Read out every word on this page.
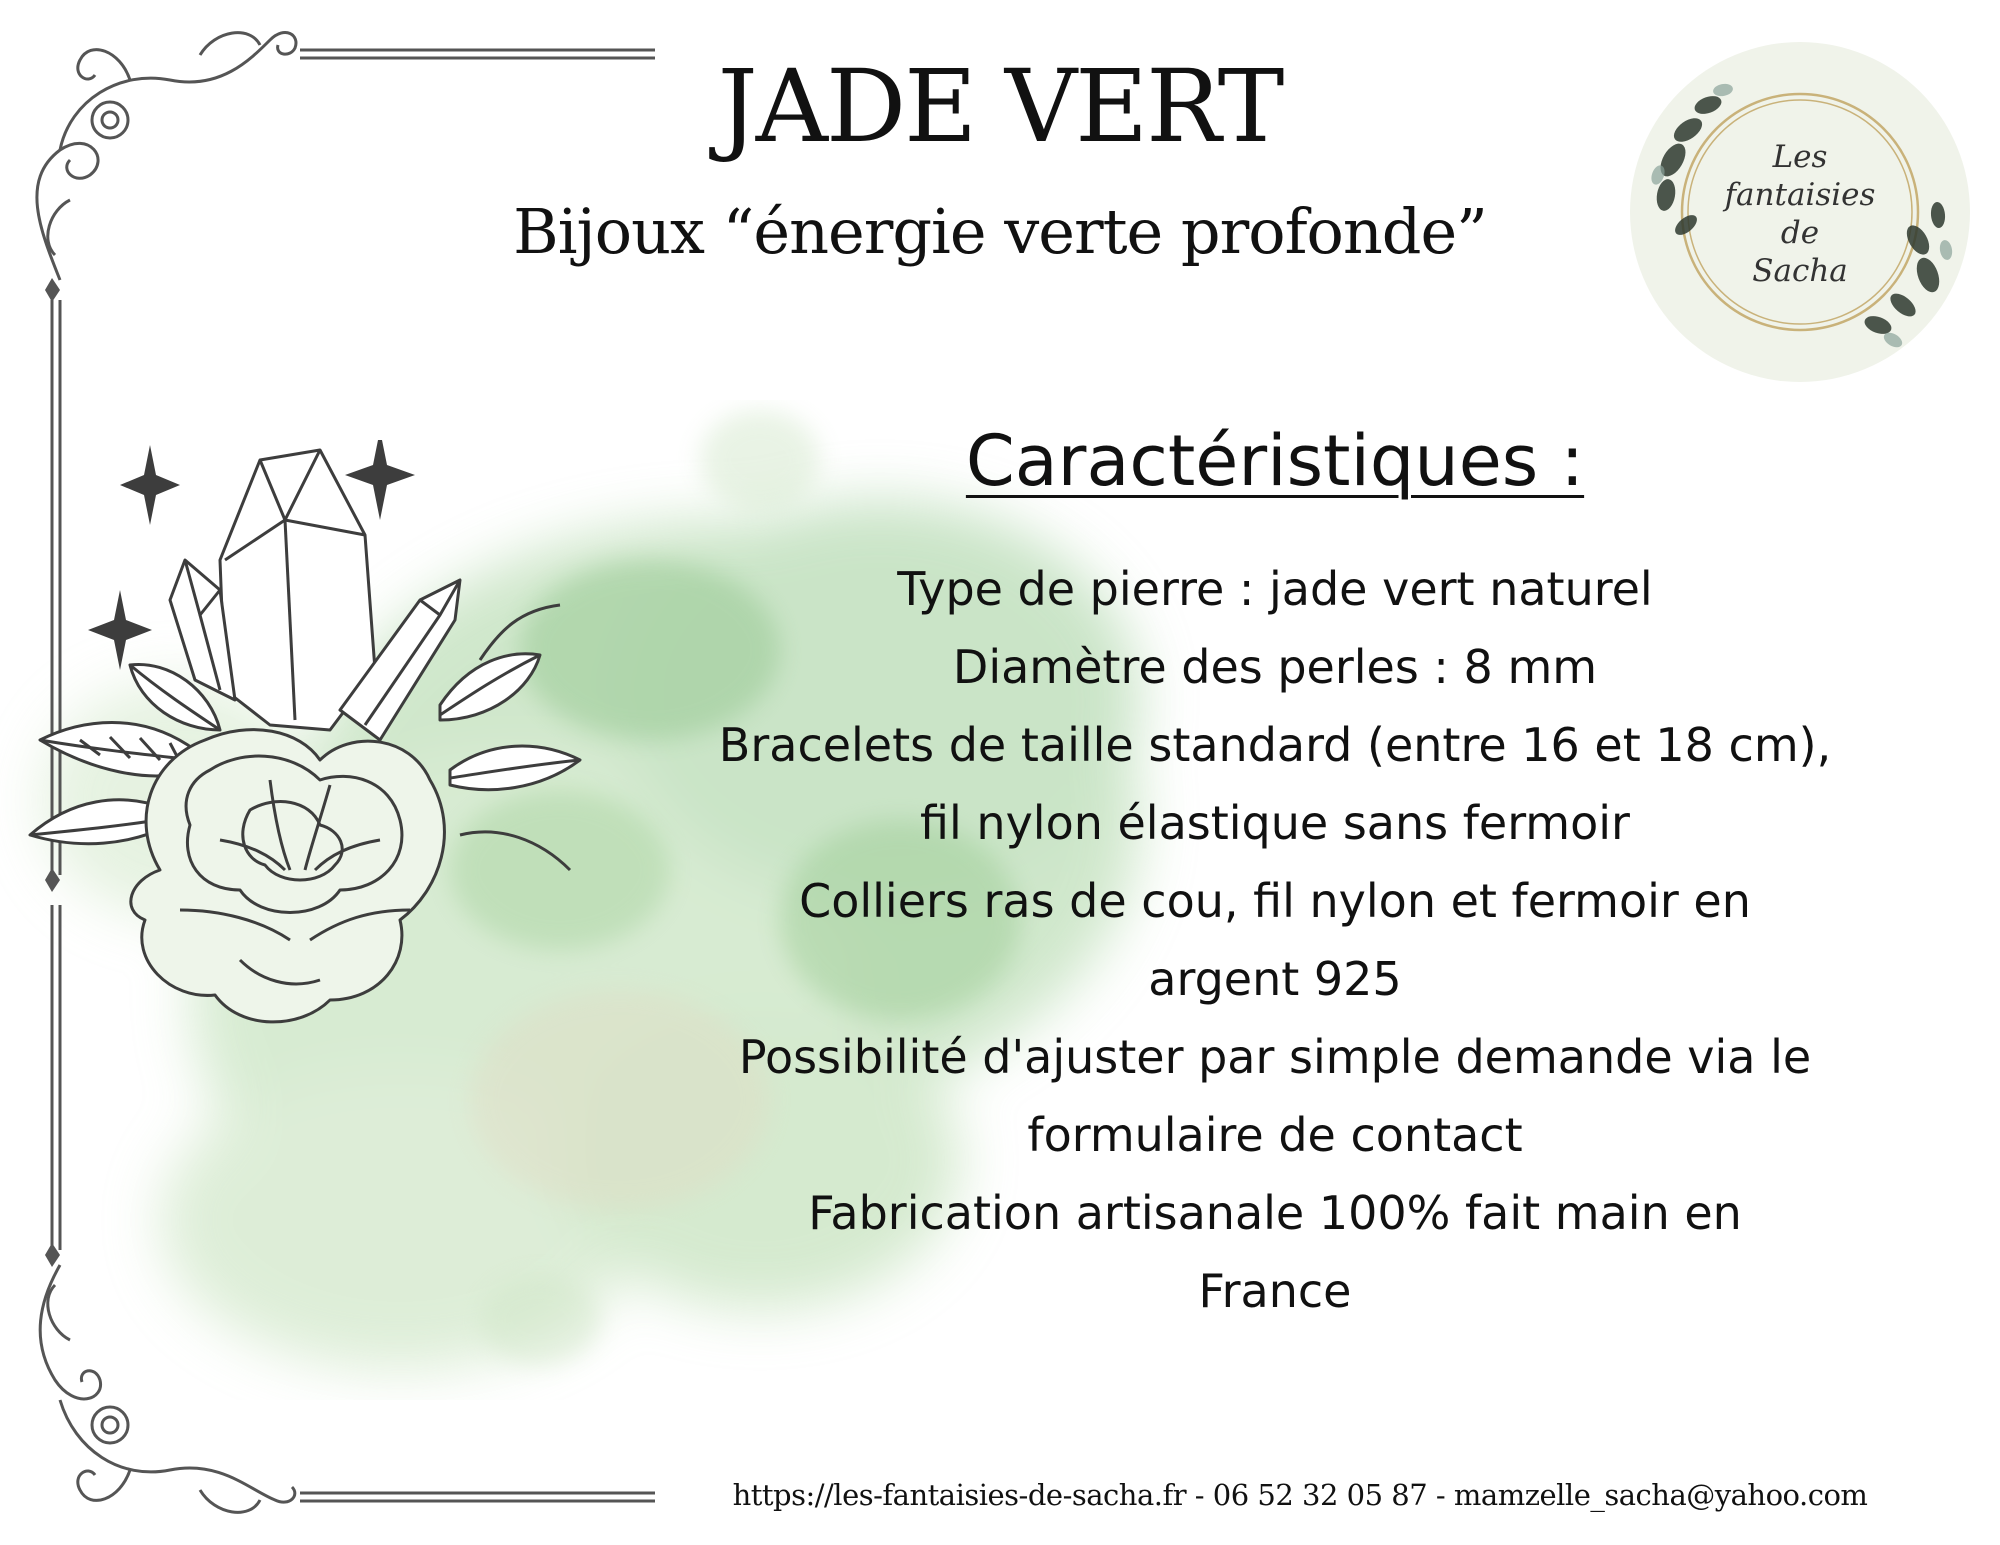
JADE VERT
Bijoux “énergie verte profonde”
Les
fantaisies
de
Sacha
Caractéristiques :
Type de pierre : jade vert naturel
Diamètre des perles : 8 mm
Bracelets de taille standard (entre 16 et 18 cm),
fil nylon élastique sans fermoir
Colliers ras de cou, fil nylon et fermoir en
argent 925
Possibilité d'ajuster par simple demande via le
formulaire de contact
Fabrication artisanale 100% fait main en
France
https://les-fantaisies-de-sacha.fr - 06 52 32 05 87 - mamzelle_sacha@yahoo.com
